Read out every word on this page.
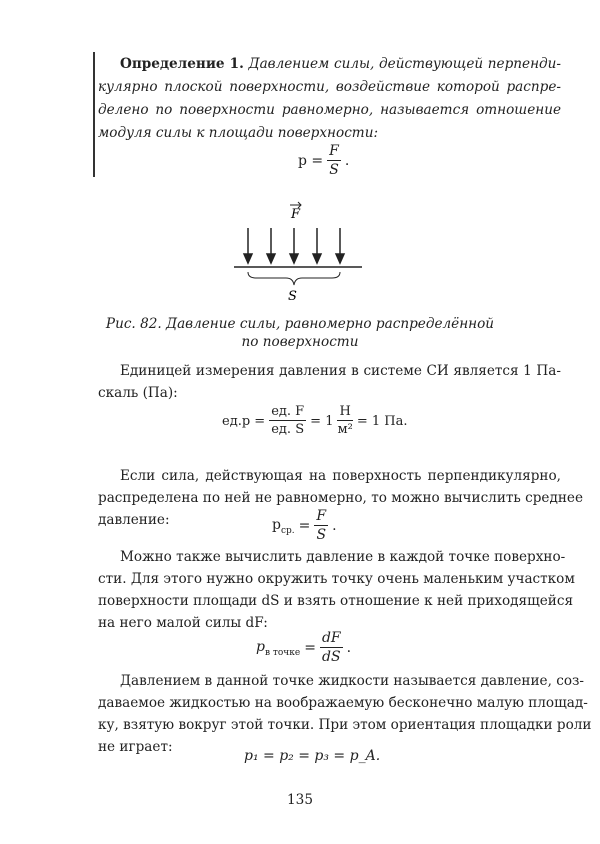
Определение 1. Давлением силы, действующей перпенди-
кулярно плоской поверхности, воздействие которой распре-
делено по поверхности равномерно, называется отношение
модуля силы к площади поверхности:
$p = \frac{F}{S}$ .
F
S
Рис. 82. Давление силы, равномерно распределённой
по поверхности
Единицей измерения давления в системе СИ является 1 Па-
скаль (Па):
$ед.p = \frac{ед. F}{ед. S} = 1 \frac{Н}{\text{м²}} = 1$ Па.
Если сила, действующая на поверхность перпендикулярно,
распределена по ней не равномерно, то можно вычислить среднее
давление:	$p_{ср.} = \frac{F}{S}$ .
Можно также вычислить давление в каждой точке поверхно-
сти. Для этого нужно окружить точку очень маленьким участком
поверхности площади dS и взять отношение к ней приходящейся
на него малой силы dF:
$p_{в точке} = \frac{dF}{dS}$ .
Давлением в данной точке жидкости называется давление, соз-
даваемое жидкостью на воображаемую бесконечно малую площад-
ку, взятую вокруг этой точки. При этом ориентация площадки роли
не играет:
p₁ = p₂ = p₃ = p_A.
135
